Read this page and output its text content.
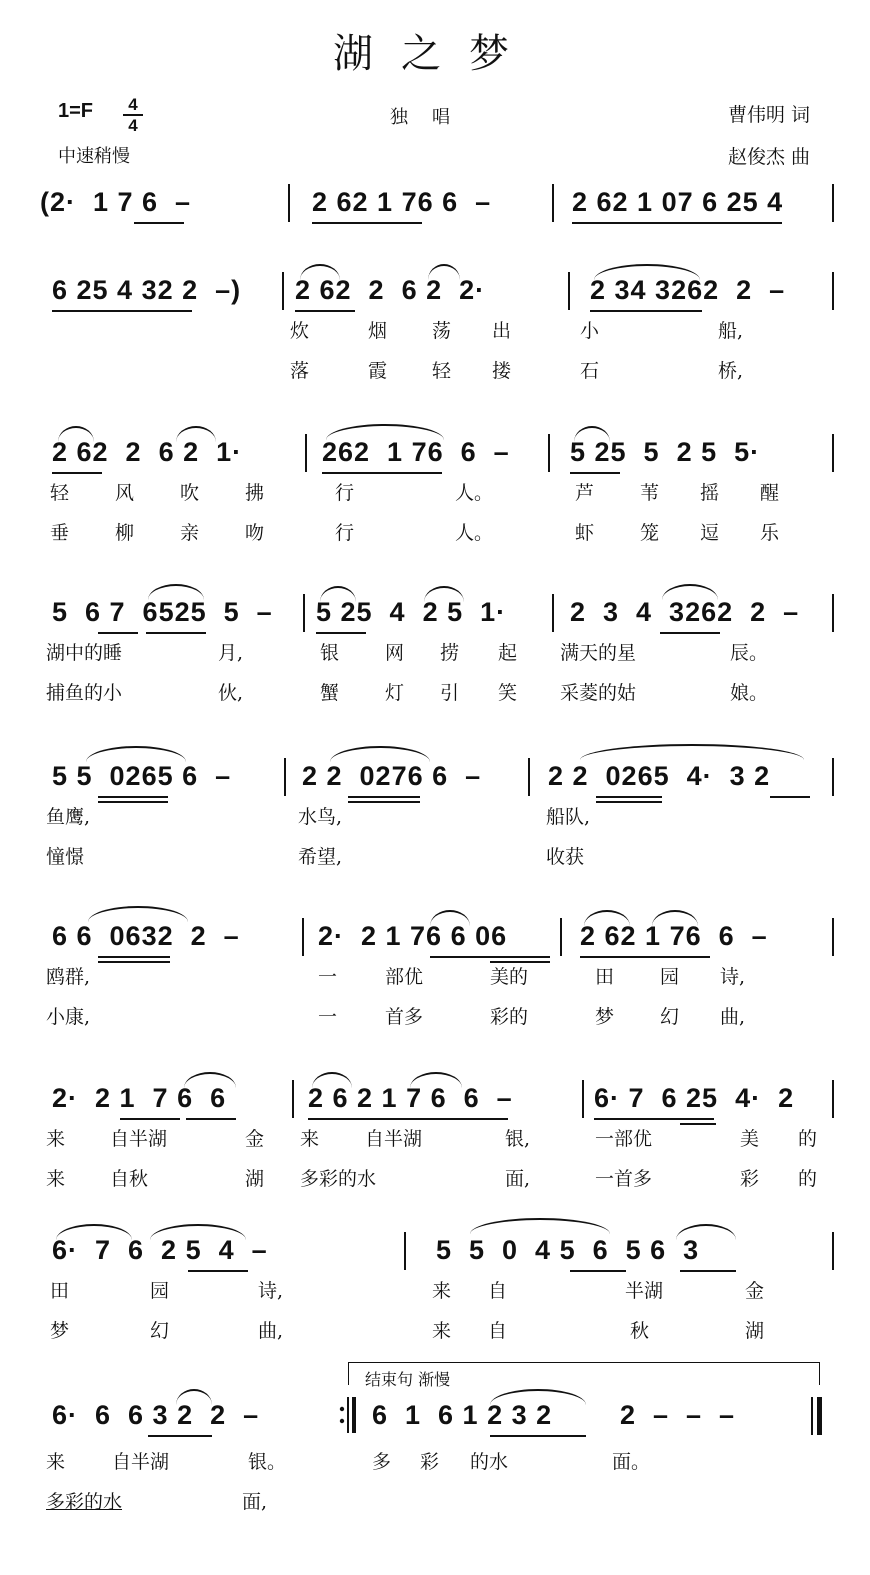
湖之梦
1=F	4
4	独唱	曹伟明 词
中速稍慢	赵俊杰 曲
(2·  1 7 6  –	2 62 1 76 6  –	2 62 1 07 6 25 4
6 25 4 32 2  –) 2 62  2  6 2  2·	2 34 3262  2  –
炊	烟 荡 出	小	船,
落	霞 轻 搂	石	桥,
2 62  2  6 2  1·	262  1 76  6  – 5 25  5  2 5  5·
轻 风 吹 拂	行	人。	芦 苇 摇 醒
垂 柳 亲 吻	行	人。	虾 笼 逗 乐
5  6 7  6525  5  – 5 25  4  2 5  1· 2  3  4  3262  2  –
湖中的睡	月,	银 网 捞 起 满天的星	辰。
捕鱼的小	伙,	蟹 灯 引 笑 采菱的姑	娘。
5 5  0265 6  –	2 2  0276 6  – 2 2  0265  4·  3 2
鱼鹰,	水鸟,	船队,
憧憬	希望,	收获
6 6  0632  2  –	2·  2 1 76 6 06	2 62 1 76  6  –
鸥群,	一	部优	美的	田 园 诗,
小康,	一	首多	彩的	梦 幻 曲,
2·  2 1  7 6  6	2 6 2 1 7 6  6  –	6· 7  6 25  4·  2
来 自半湖	金 来 自半湖	银,	一部优	美 的
来 自秋	湖 多彩的水	面,	一首多	彩 的
6·  7  6  2 5  4  –	5  5  0  4 5  6  5 6  3
田	园	诗,	来 自	半湖	金
梦	幻	曲,	来 自	秋	湖
结束句 渐慢
6·  6  6 3 2  2  –	6  1  6 1 2 3 2	2  –  –  –
来 自半湖	银。	多 彩 的水	面。
多彩的水	面,
